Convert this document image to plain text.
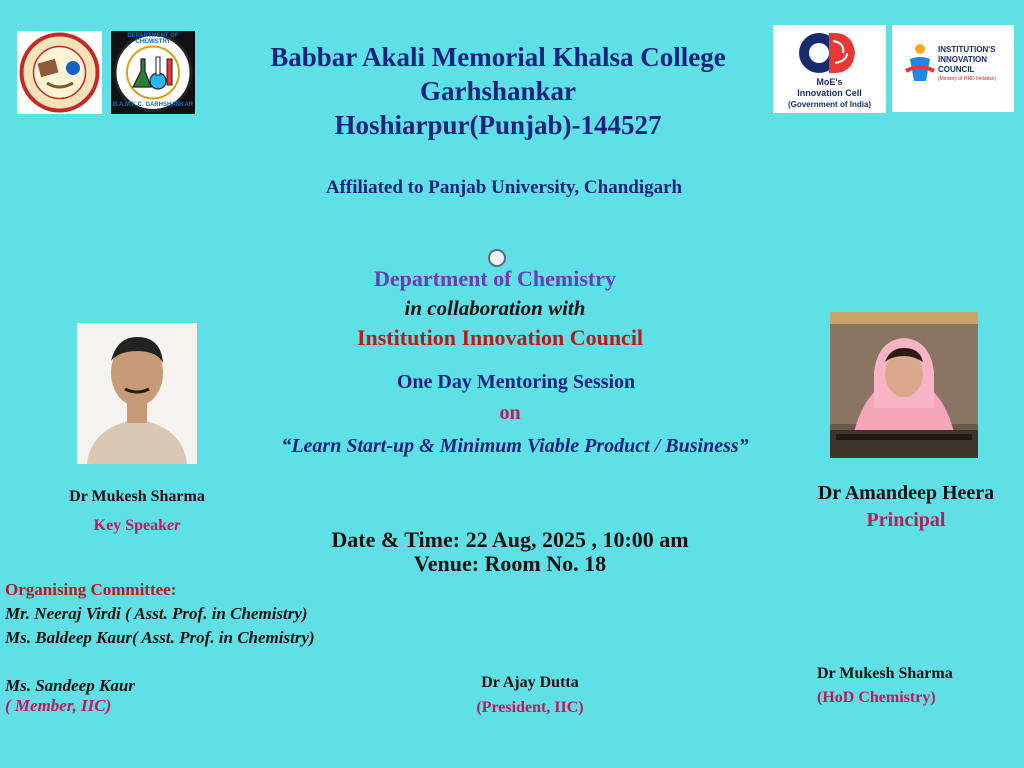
DEPARTMENT OF CHEMISTRY
B.A.M.K.C. GARHSHANKAR
MoE's
Innovation Cell
(Government of India)
INSTITUTION'S
INNOVATION
COUNCIL
(Ministry of HRD Initiative)
Babbar Akali Memorial Khalsa College
Garhshankar
Hoshiarpur(Punjab)-144527
Affiliated to Panjab University, Chandigarh
Department of Chemistry
in collaboration with
Institution Innovation Council
One Day Mentoring Session
on
“Learn Start-up & Minimum Viable Product / Business”
Date & Time: 22 Aug, 2025 , 10:00 am
Venue: Room No. 18
Dr Mukesh Sharma
Key Speaker
Dr Amandeep Heera
Principal
Organising Committee:
Mr. Neeraj Virdi ( Asst. Prof. in Chemistry)
Ms. Baldeep Kaur( Asst. Prof. in Chemistry)
Ms. Sandeep Kaur
( Member, IIC)
Dr Ajay Dutta
(President, IIC)
Dr Mukesh Sharma
(HoD Chemistry)
